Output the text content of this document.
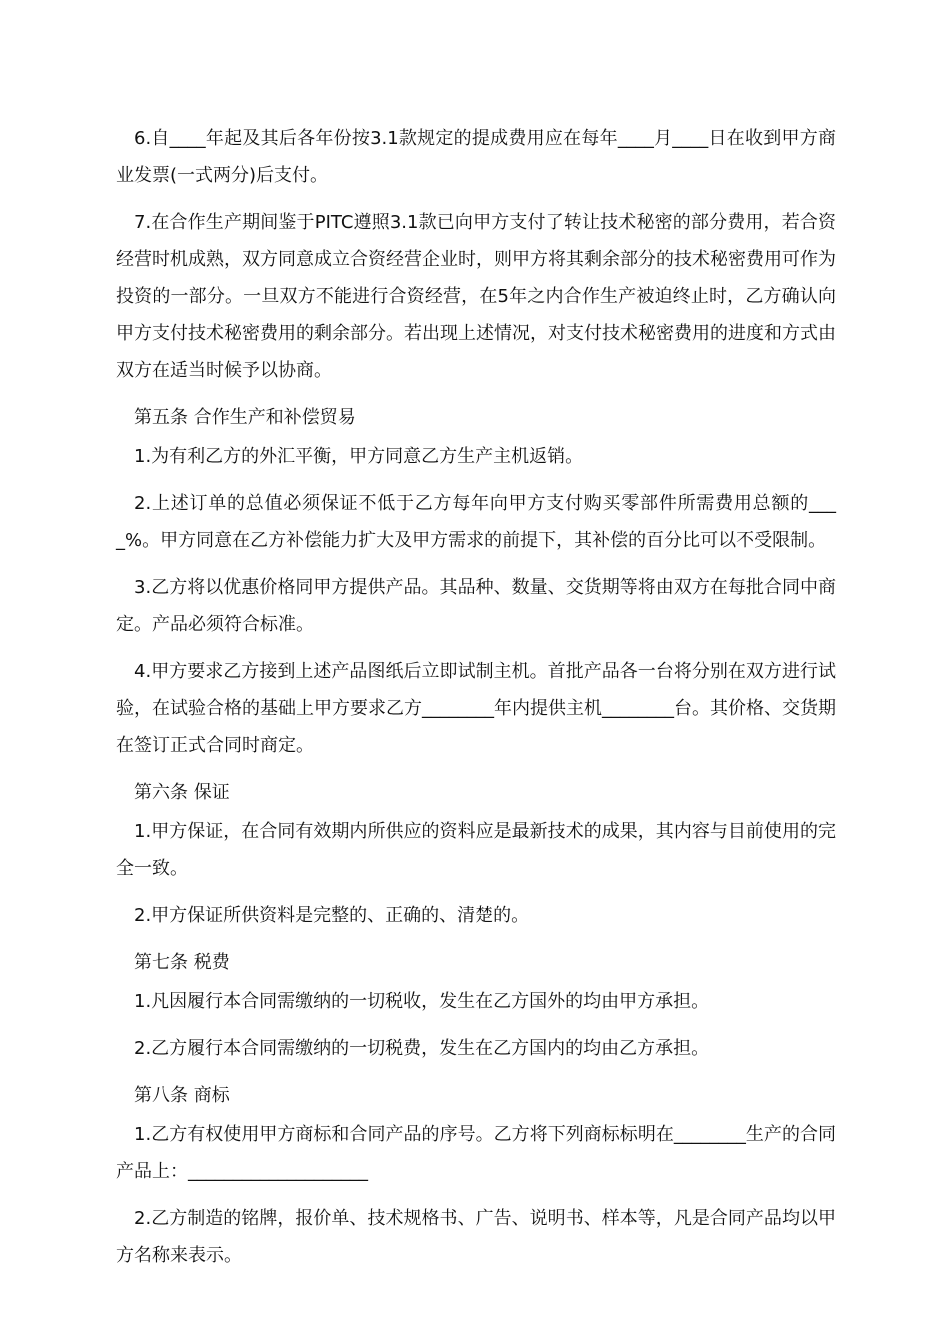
6.自____年起及其后各年份按3.1款规定的提成费用应在每年____月____日在收到甲方商业发票(一式两分)后支付。

7.在合作生产期间鉴于PITC遵照3.1款已向甲方支付了转让技术秘密的部分费用，若合资经营时机成熟，双方同意成立合资经营企业时，则甲方将其剩余部分的技术秘密费用可作为投资的一部分。一旦双方不能进行合资经营，在5年之内合作生产被迫终止时，乙方确认向甲方支付技术秘密费用的剩余部分。若出现上述情况，对支付技术秘密费用的进度和方式由双方在适当时候予以协商。

第五条 合作生产和补偿贸易

1.为有利乙方的外汇平衡，甲方同意乙方生产主机返销。

2.上述订单的总值必须保证不低于乙方每年向甲方支付购买零部件所需费用总额的____%。甲方同意在乙方补偿能力扩大及甲方需求的前提下，其补偿的百分比可以不受限制。

3.乙方将以优惠价格同甲方提供产品。其品种、数量、交货期等将由双方在每批合同中商定。产品必须符合标准。

4.甲方要求乙方接到上述产品图纸后立即试制主机。首批产品各一台将分别在双方进行试验，在试验合格的基础上甲方要求乙方________年内提供主机________台。其价格、交货期在签订正式合同时商定。

第六条 保证

1.甲方保证，在合同有效期内所供应的资料应是最新技术的成果，其内容与目前使用的完全一致。

2.甲方保证所供资料是完整的、正确的、清楚的。

第七条 税费

1.凡因履行本合同需缴纳的一切税收，发生在乙方国外的均由甲方承担。

2.乙方履行本合同需缴纳的一切税费，发生在乙方国内的均由乙方承担。

第八条 商标

1.乙方有权使用甲方商标和合同产品的序号。乙方将下列商标标明在________生产的合同产品上：____________________

2.乙方制造的铭牌，报价单、技术规格书、广告、说明书、样本等，凡是合同产品均以甲方名称来表示。
